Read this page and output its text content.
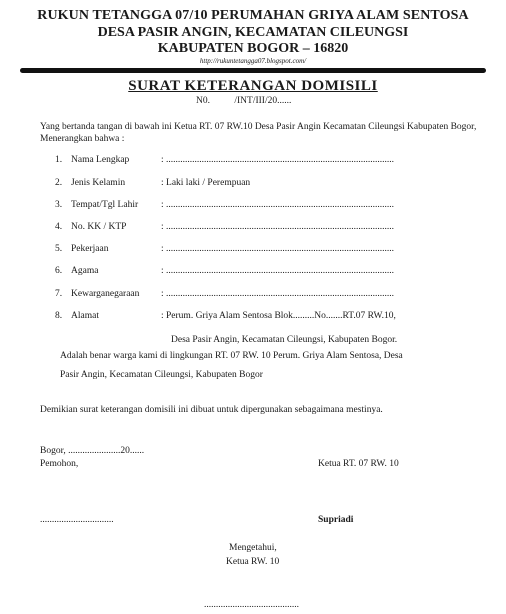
RUKUN TETANGGA 07/10 PERUMAHAN GRIYA ALAM SENTOSA
DESA PASIR ANGIN, KECAMATAN CILEUNGSI
KABUPATEN BOGOR – 16820
http://rukuntetangga07.blogspot.com/
SURAT KETERANGAN DOMISILI
N0. /INT/III/20......
Yang bertanda tangan di bawah ini Ketua RT. 07 RW.10 Desa Pasir Angin Kecamatan Cileungsi Kabupaten Bogor, Menerangkan bahwa :
1. Nama Lengkap	: ................................................................................................
2. Jenis Kelamin	: Laki laki / Perempuan
3. Tempat/Tgl Lahir : ................................................................................................
4. No. KK / KTP	: ................................................................................................
5. Pekerjaan	: ................................................................................................
6. Agama	: ................................................................................................
7. Kewarganegaraan : ................................................................................................
8. Alamat	: Perum. Griya Alam Sentosa Blok.........No.......RT.07 RW.10,
Desa Pasir Angin, Kecamatan Cileungsi, Kabupaten Bogor.
Adalah benar warga kami di lingkungan RT. 07 RW. 10 Perum. Griya Alam Sentosa, Desa
Pasir Angin, Kecamatan Cileungsi, Kabupaten Bogor
Demikian surat keterangan domisili ini dibuat untuk dipergunakan sebagaimana mestinya.
Bogor, ......................20......
Pemohon,	Ketua RT. 07 RW. 10
...............................	Supriadi
Mengetahui,
Ketua RW. 10
........................................
